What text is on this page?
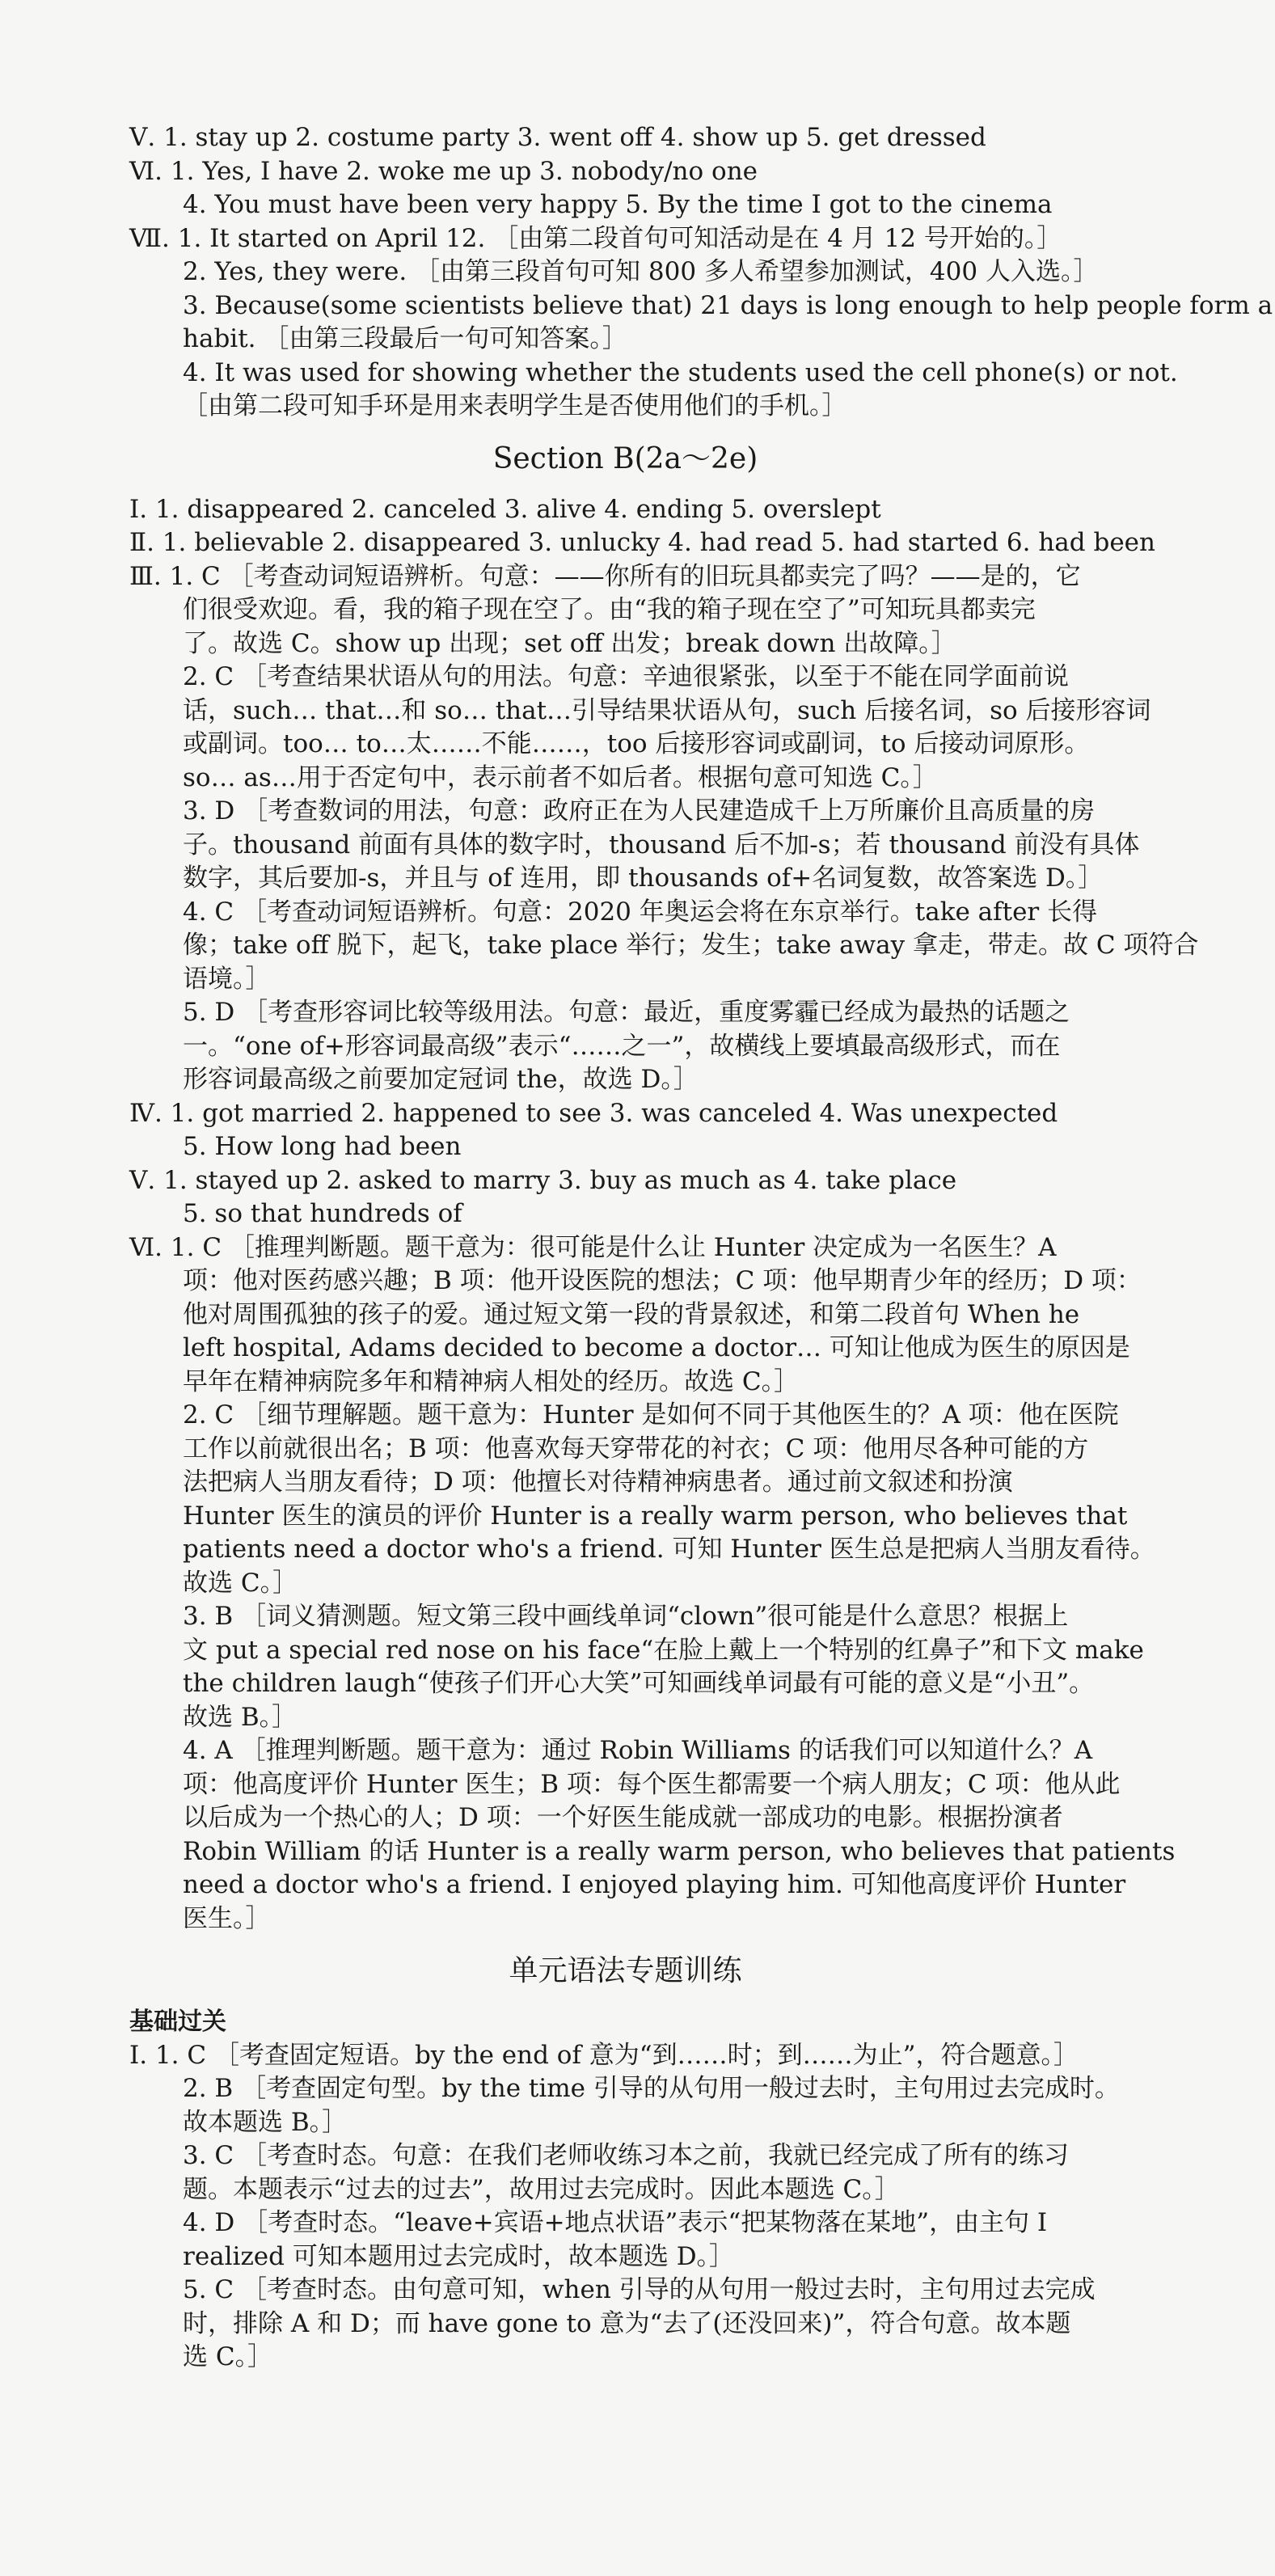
Ⅴ. 1. stay up 2. costume party 3. went off 4. show up 5. get dressed
Ⅵ. 1. Yes, I have 2. woke me up 3. nobody/no one
4. You must have been very happy 5. By the time I got to the cinema
Ⅶ. 1. It started on April 12. ［由第二段首句可知活动是在 4 月 12 号开始的。］
2. Yes, they were. ［由第三段首句可知 800 多人希望参加测试，400 人入选。］
3. Because(some scientists believe that) 21 days is long enough to help people form a
habit. ［由第三段最后一句可知答案。］
4. It was used for showing whether the students used the cell phone(s) or not.
［由第二段可知手环是用来表明学生是否使用他们的手机。］
Section B(2a～2e)
Ⅰ. 1. disappeared 2. canceled 3. alive 4. ending 5. overslept
Ⅱ. 1. believable 2. disappeared 3. unlucky 4. had read 5. had started 6. had been
Ⅲ. 1. C ［考查动词短语辨析。句意：——你所有的旧玩具都卖完了吗？——是的，它
们很受欢迎。看，我的箱子现在空了。由“我的箱子现在空了”可知玩具都卖完
了。故选 C。show up 出现；set off 出发；break down 出故障。］
2. C ［考查结果状语从句的用法。句意：辛迪很紧张，以至于不能在同学面前说
话，such… that…和 so… that…引导结果状语从句，such 后接名词，so 后接形容词
或副词。too… to…太……不能……，too 后接形容词或副词，to 后接动词原形。
so… as…用于否定句中，表示前者不如后者。根据句意可知选 C。］
3. D ［考查数词的用法，句意：政府正在为人民建造成千上万所廉价且高质量的房
子。thousand 前面有具体的数字时，thousand 后不加-s；若 thousand 前没有具体
数字，其后要加-s，并且与 of 连用，即 thousands of+名词复数，故答案选 D。］
4. C ［考查动词短语辨析。句意：2020 年奥运会将在东京举行。take after 长得
像；take off 脱下，起飞，take place 举行；发生；take away 拿走，带走。故 C 项符合
语境。］
5. D ［考查形容词比较等级用法。句意：最近，重度雾霾已经成为最热的话题之
一。“one of+形容词最高级”表示“……之一”，故横线上要填最高级形式，而在
形容词最高级之前要加定冠词 the，故选 D。］
Ⅳ. 1. got married 2. happened to see 3. was canceled 4. Was unexpected
5. How long had been
Ⅴ. 1. stayed up 2. asked to marry 3. buy as much as 4. take place
5. so that hundreds of
Ⅵ. 1. C ［推理判断题。题干意为：很可能是什么让 Hunter 决定成为一名医生？A
项：他对医药感兴趣；B 项：他开设医院的想法；C 项：他早期青少年的经历；D 项：
他对周围孤独的孩子的爱。通过短文第一段的背景叙述，和第二段首句 When he
left hospital, Adams decided to become a doctor… 可知让他成为医生的原因是
早年在精神病院多年和精神病人相处的经历。故选 C。］
2. C ［细节理解题。题干意为：Hunter 是如何不同于其他医生的？A 项：他在医院
工作以前就很出名；B 项：他喜欢每天穿带花的衬衣；C 项：他用尽各种可能的方
法把病人当朋友看待；D 项：他擅长对待精神病患者。通过前文叙述和扮演
Hunter 医生的演员的评价 Hunter is a really warm person, who believes that
patients need a doctor who's a friend. 可知 Hunter 医生总是把病人当朋友看待。
故选 C。］
3. B ［词义猜测题。短文第三段中画线单词“clown”很可能是什么意思？根据上
文 put a special red nose on his face“在脸上戴上一个特别的红鼻子”和下文 make
the children laugh“使孩子们开心大笑”可知画线单词最有可能的意义是“小丑”。
故选 B。］
4. A ［推理判断题。题干意为：通过 Robin Williams 的话我们可以知道什么？A
项：他高度评价 Hunter 医生；B 项：每个医生都需要一个病人朋友；C 项：他从此
以后成为一个热心的人；D 项：一个好医生能成就一部成功的电影。根据扮演者
Robin William 的话 Hunter is a really warm person, who believes that patients
need a doctor who's a friend. I enjoyed playing him. 可知他高度评价 Hunter
医生。］
单元语法专题训练
基础过关
Ⅰ. 1. C ［考查固定短语。by the end of 意为“到……时；到……为止”，符合题意。］
2. B ［考查固定句型。by the time 引导的从句用一般过去时，主句用过去完成时。
故本题选 B。］
3. C ［考查时态。句意：在我们老师收练习本之前，我就已经完成了所有的练习
题。本题表示“过去的过去”，故用过去完成时。因此本题选 C。］
4. D ［考查时态。“leave+宾语+地点状语”表示“把某物落在某地”，由主句 I
realized 可知本题用过去完成时，故本题选 D。］
5. C ［考查时态。由句意可知，when 引导的从句用一般过去时，主句用过去完成
时，排除 A 和 D；而 have gone to 意为“去了(还没回来)”，符合句意。故本题
选 C。］
